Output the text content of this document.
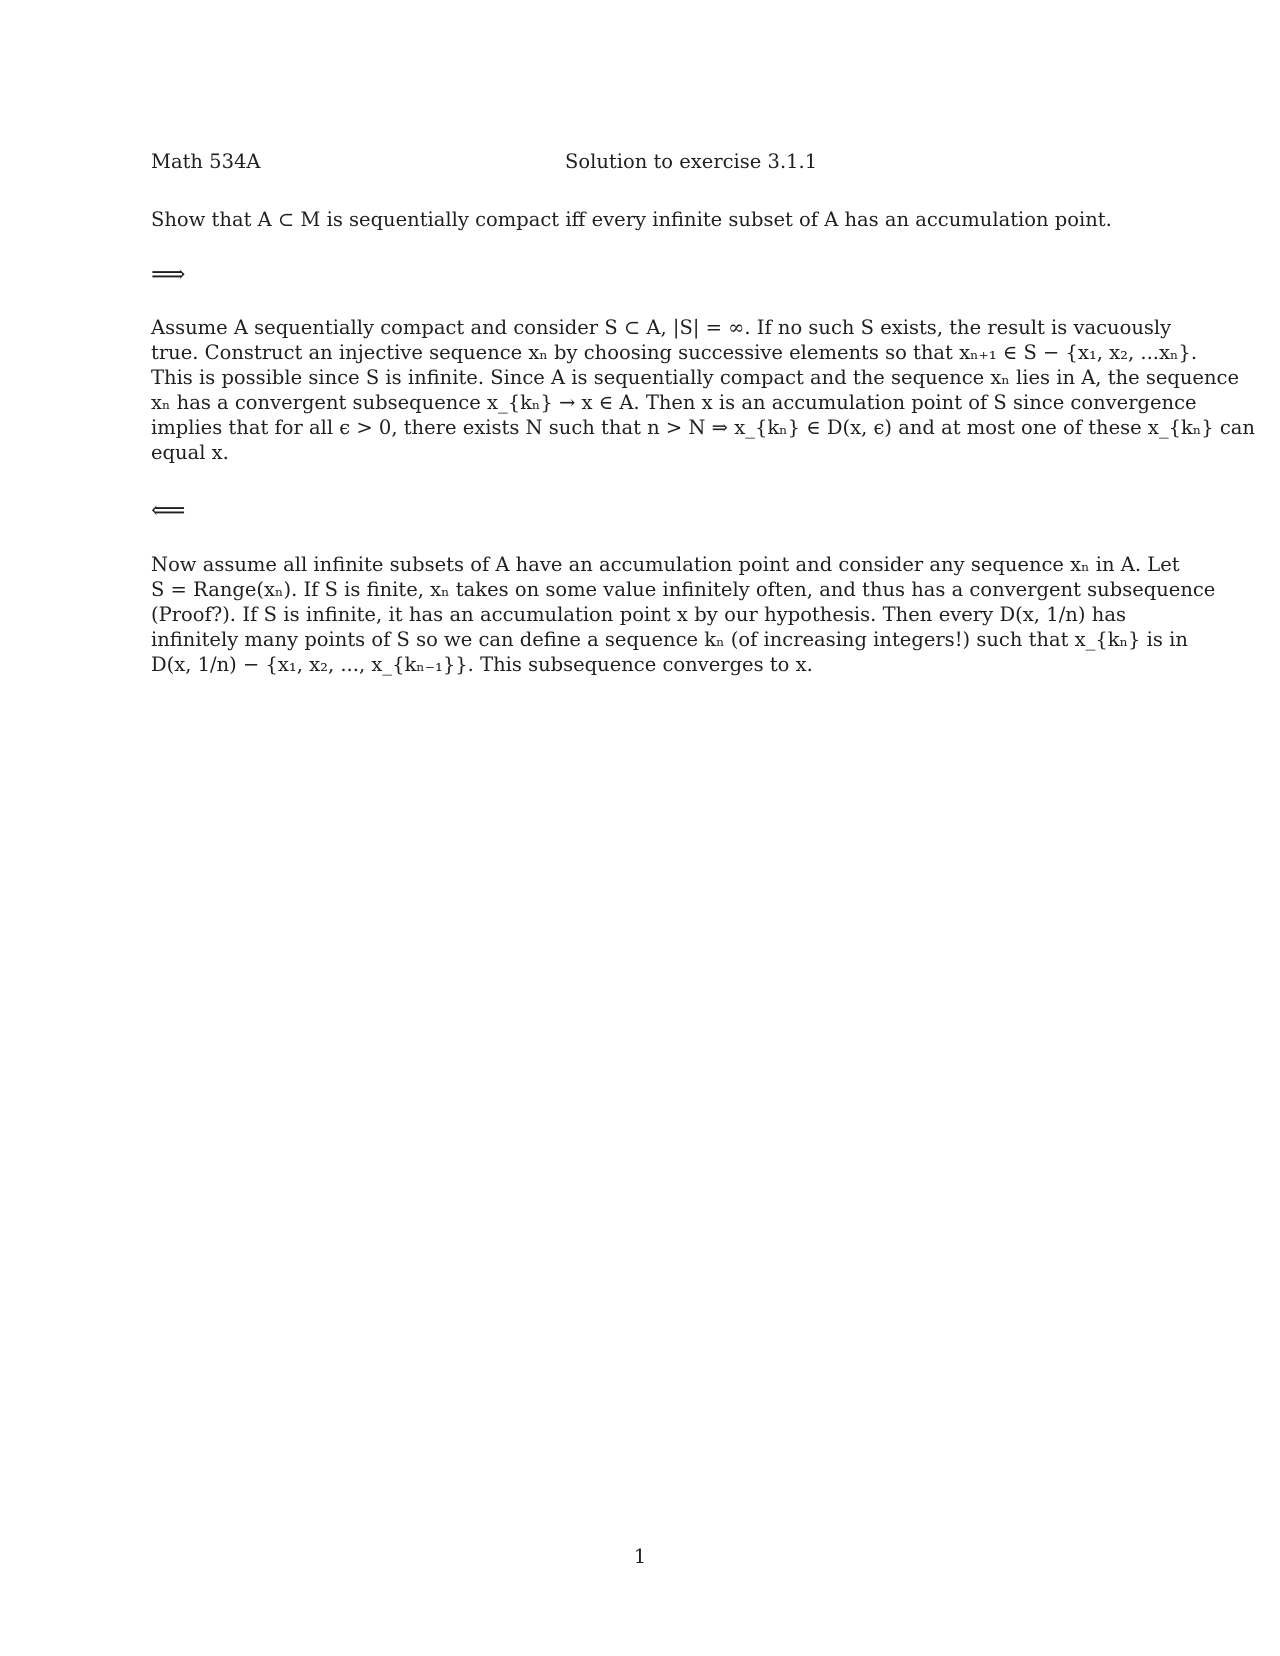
Math 534A	Solution to exercise 3.1.1
Show that A ⊂ M is sequentially compact iff every infinite subset of A has an accumulation point.
⟹
Assume A sequentially compact and consider S ⊂ A, |S| = ∞. If no such S exists, the result is vacuously
true. Construct an injective sequence xₙ by choosing successive elements so that xₙ₊₁ ∈ S − {x₁, x₂, ...xₙ}.
This is possible since S is infinite. Since A is sequentially compact and the sequence xₙ lies in A, the sequence
xₙ has a convergent subsequence x_{kₙ} → x ∈ A. Then x is an accumulation point of S since convergence
implies that for all ϵ > 0, there exists N such that n > N ⇒ x_{kₙ} ∈ D(x, ϵ) and at most one of these x_{kₙ} can
equal x.
⟸
Now assume all infinite subsets of A have an accumulation point and consider any sequence xₙ in A. Let
S = Range(xₙ). If S is finite, xₙ takes on some value infinitely often, and thus has a convergent subsequence
(Proof?). If S is infinite, it has an accumulation point x by our hypothesis. Then every D(x, 1/n) has
infinitely many points of S so we can define a sequence kₙ (of increasing integers!) such that x_{kₙ} is in
D(x, 1/n) − {x₁, x₂, ..., x_{kₙ₋₁}}. This subsequence converges to x.
1
